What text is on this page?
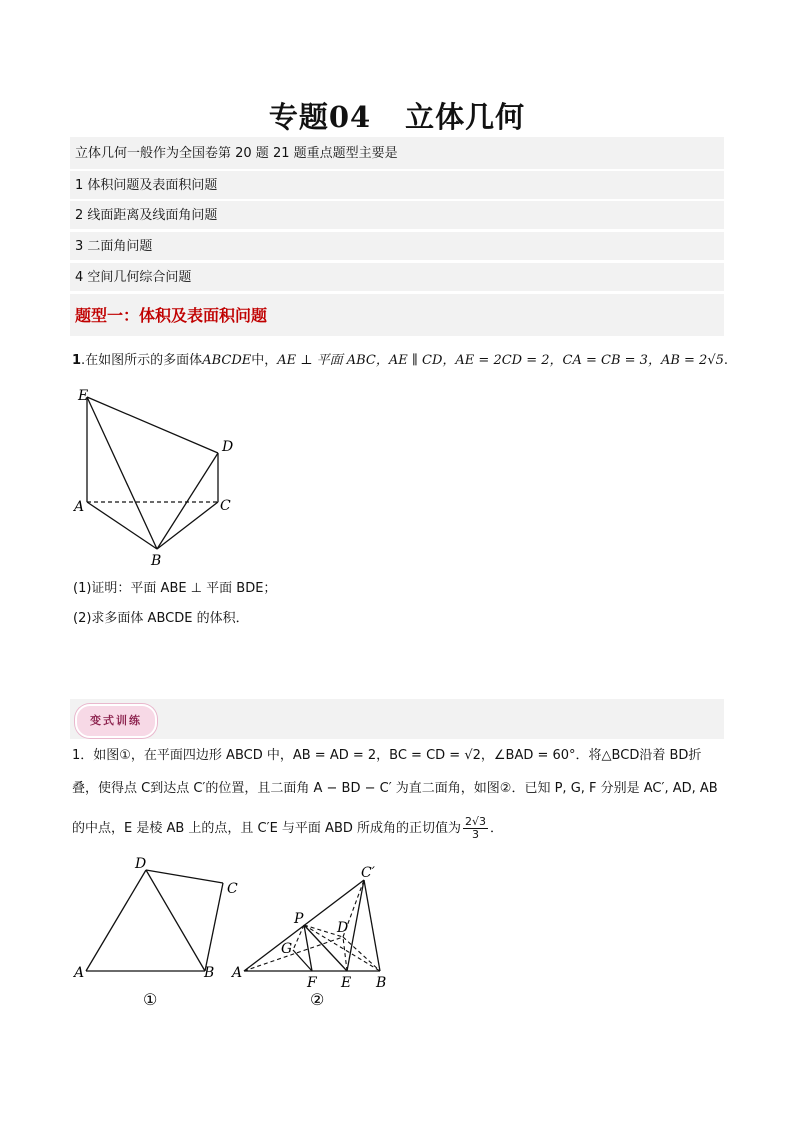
专题04 立体几何
立体几何一般作为全国卷第 20 题 21 题重点题型主要是
1 体积问题及表面积问题
2 线面距离及线面角问题
3 二面角问题
4 空间几何综合问题
题型一：体积及表面积问题
1.在如图所示的多面体ABCDE中，AE ⊥ 平面 ABC，AE ∥ CD，AE = 2CD = 2，CA = CB = 3，AB = 2√5.
E
D
A	C
B
(1)证明：平面 ABE ⊥ 平面 BDE；
(2)求多面体 ABCDE 的体积．
变式训练
1．如图①，在平面四边形 ABCD 中，AB = AD = 2，BC = CD = √2，∠BAD = 60°．将△BCD沿着 BD折
叠，使得点 C到达点 C′的位置，且二面角 A − BD − C′ 为直二面角，如图②．已知 P, G, F 分别是 AC′, AD, AB
的中点，E 是棱 AB 上的点，且 C′E 与平面 ABD 所成角的正切值为 $\frac{2√3}{3}$ ．
D
C
A	B
①
C′
P
D
G
A
F E B
②
